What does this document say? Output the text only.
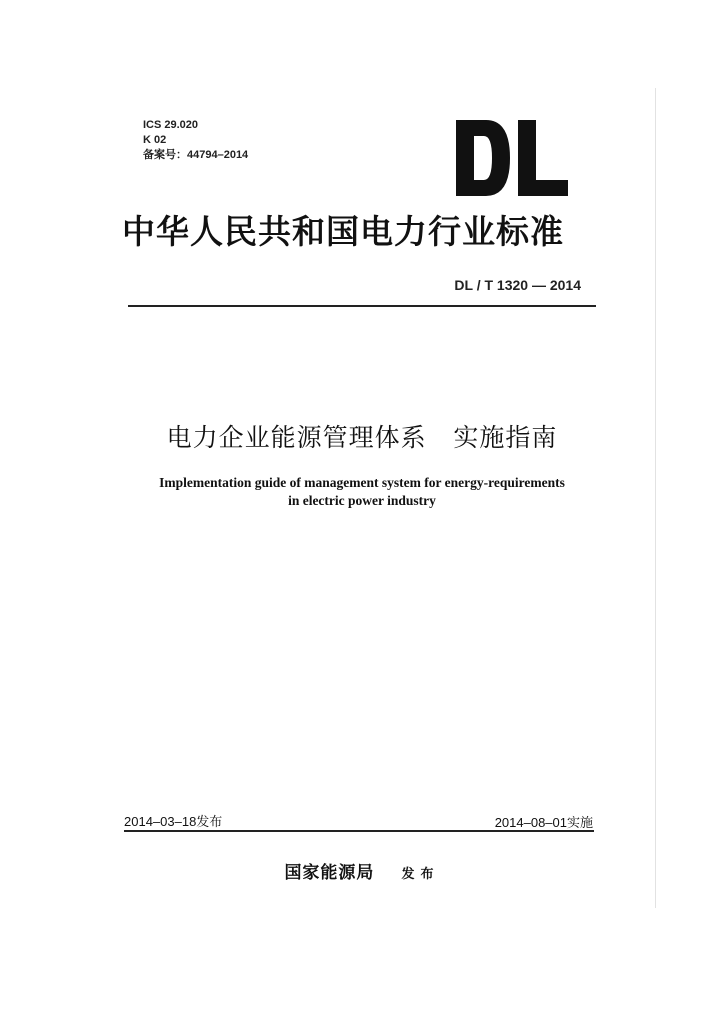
ICS 29.020
K 02
备案号：44794–2014
中华人民共和国电力行业标准
DL / T 1320 — 2014
电力企业能源管理体系   实施指南
Implementation guide of management system for energy-requirements
in electric power industry
2014–03–18发布	2014–08–01实施
国家能源局 发布
